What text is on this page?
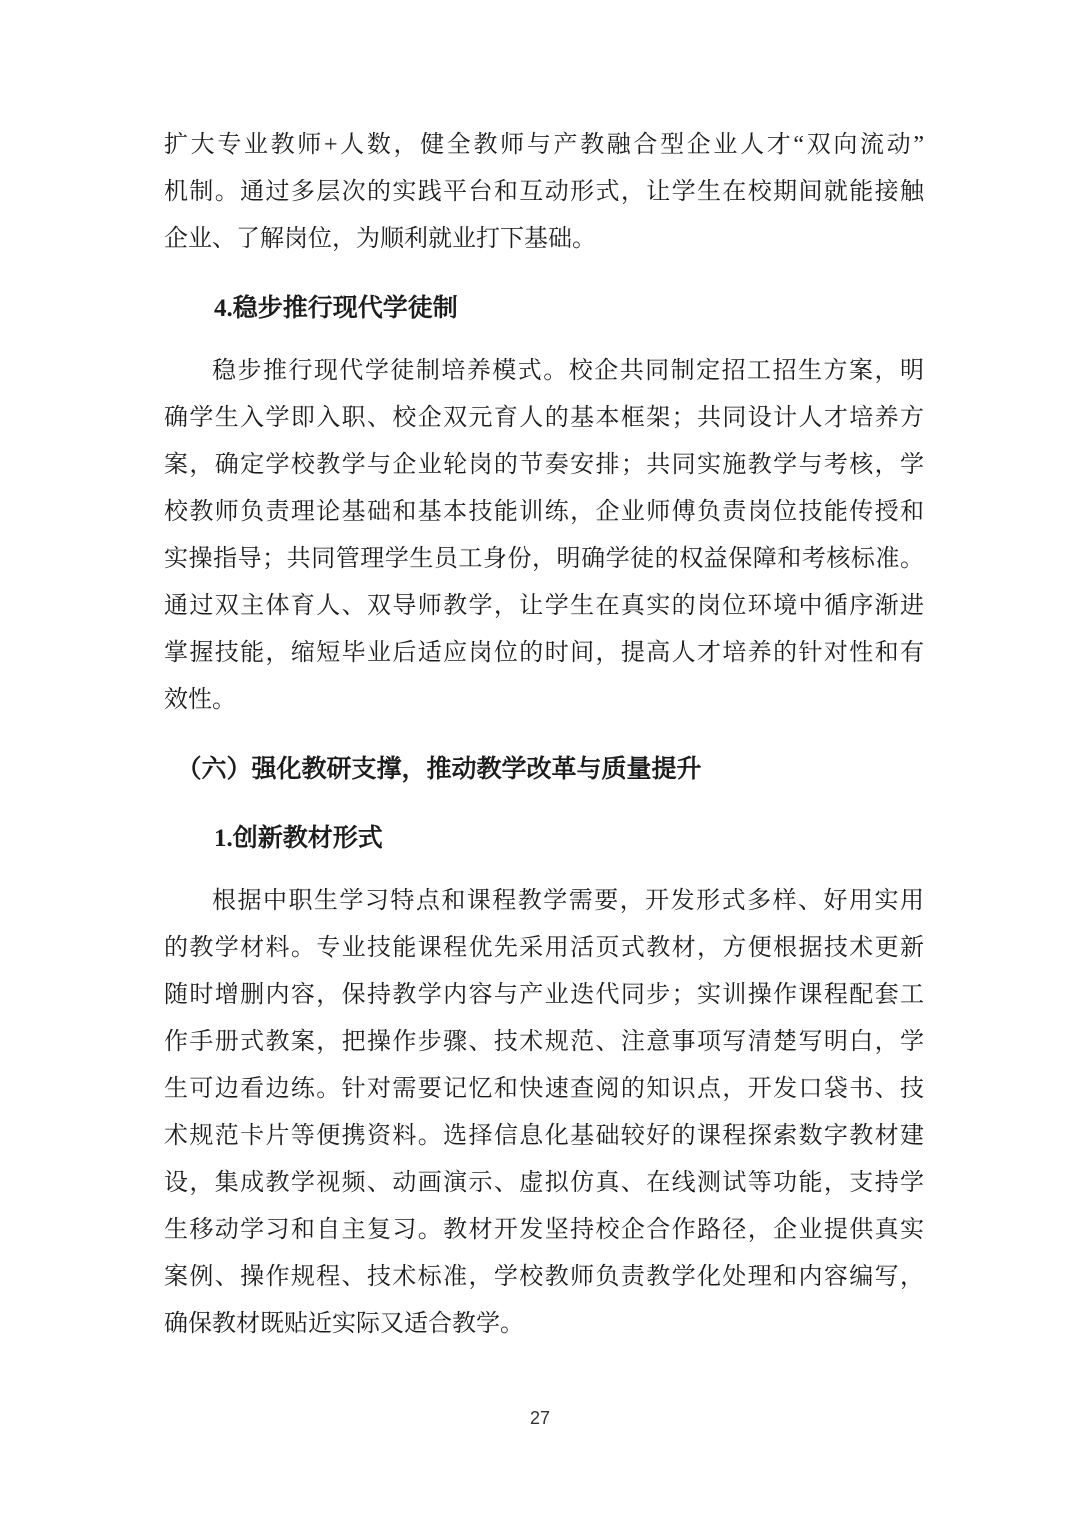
扩大专业教师+人数，健全教师与产教融合型企业人才“双向流动”
机制。通过多层次的实践平台和互动形式，让学生在校期间就能接触
企业、了解岗位，为顺利就业打下基础。
4.稳步推行现代学徒制
稳步推行现代学徒制培养模式。校企共同制定招工招生方案，明
确学生入学即入职、校企双元育人的基本框架；共同设计人才培养方
案，确定学校教学与企业轮岗的节奏安排；共同实施教学与考核，学
校教师负责理论基础和基本技能训练，企业师傅负责岗位技能传授和
实操指导；共同管理学生员工身份，明确学徒的权益保障和考核标准。
通过双主体育人、双导师教学，让学生在真实的岗位环境中循序渐进
掌握技能，缩短毕业后适应岗位的时间，提高人才培养的针对性和有
效性。
（六）强化教研支撑，推动教学改革与质量提升
1.创新教材形式
根据中职生学习特点和课程教学需要，开发形式多样、好用实用
的教学材料。专业技能课程优先采用活页式教材，方便根据技术更新
随时增删内容，保持教学内容与产业迭代同步；实训操作课程配套工
作手册式教案，把操作步骤、技术规范、注意事项写清楚写明白，学
生可边看边练。针对需要记忆和快速查阅的知识点，开发口袋书、技
术规范卡片等便携资料。选择信息化基础较好的课程探索数字教材建
设，集成教学视频、动画演示、虚拟仿真、在线测试等功能，支持学
生移动学习和自主复习。教材开发坚持校企合作路径，企业提供真实
案例、操作规程、技术标准，学校教师负责教学化处理和内容编写，
确保教材既贴近实际又适合教学。
27
